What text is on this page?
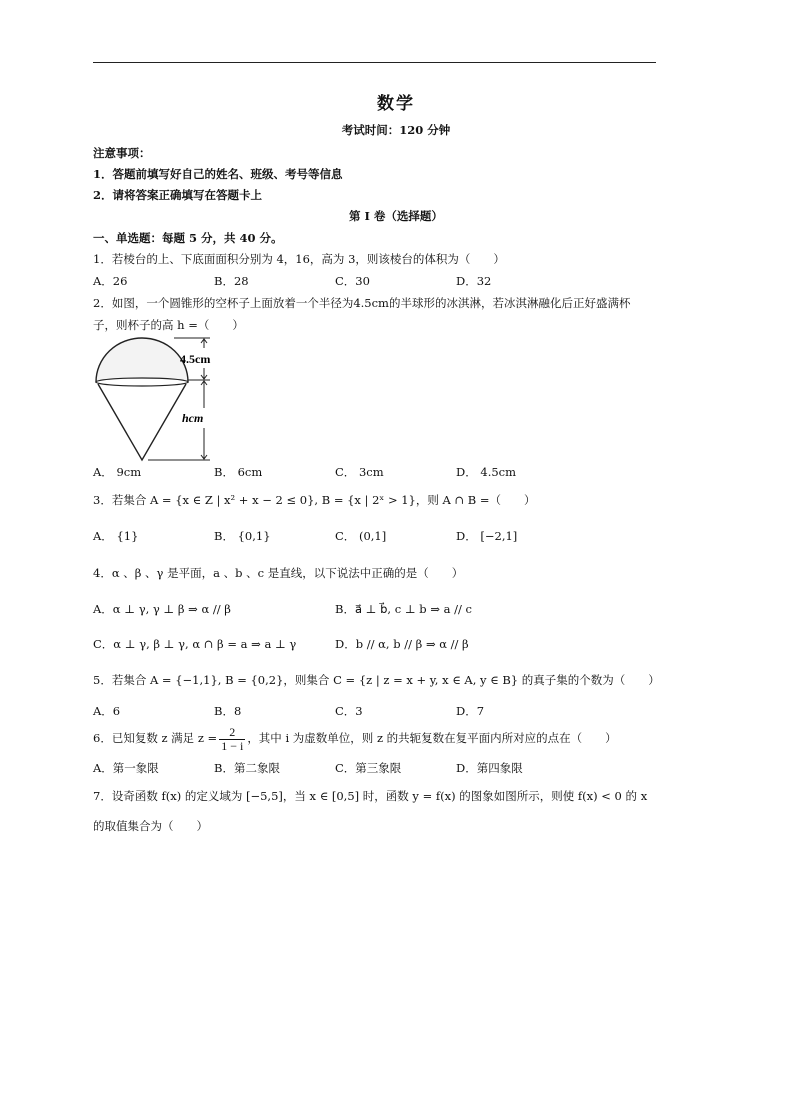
数学
考试时间：120 分钟
注意事项：
1．答题前填写好自己的姓名、班级、考号等信息
2．请将答案正确填写在答题卡上
第 I 卷（选择题）
一、单选题：每题 5 分，共 40 分。
1．若棱台的上、下底面面积分别为 4，16，高为 3，则该棱台的体积为（　　）
A．26	B．28	C．30	D．32
2．如图，一个圆锥形的空杯子上面放着一个半径为4.5cm的半球形的冰淇淋，若冰淇淋融化后正好盛满杯
子，则杯子的高 h =（　　）
4.5cm
hcm
A． 9cm	B． 6cm	C． 3cm	D． 4.5cm
3．若集合 A = {x ∈ Z | x² + x − 2 ≤ 0}, B = {x | 2ˣ > 1}，则 A ∩ B =（　　）
A． {1}	B． {0,1}	C． (0,1]	D． [−2,1]
4．α 、β 、γ 是平面，a 、b 、c 是直线，以下说法中正确的是（　　）
A．α ⊥ γ, γ ⊥ β ⇒ α // β	B．a⃗ ⊥ b⃗, c ⊥ b ⇒ a // c
C．α ⊥ γ, β ⊥ γ, α ∩ β = a ⇒ a ⊥ γ	D．b // α, b // β ⇒ α // β
5．若集合 A = {−1,1}, B = {0,2}，则集合 C = {z | z = x + y, x ∈ A, y ∈ B} 的真子集的个数为（　　）
A．6	B．8	C．3	D．7
6．已知复数 z 满足 $z = \frac{2}{1 - i}$ ，其中 i 为虚数单位，则 z 的共轭复数在复平面内所对应的点在（　　）
A．第一象限	B．第二象限	C．第三象限	D．第四象限
7．设奇函数 f(x) 的定义域为 [−5,5]，当 x ∈ [0,5] 时，函数 y = f(x) 的图象如图所示，则使 f(x) < 0 的 x
的取值集合为（　　）
